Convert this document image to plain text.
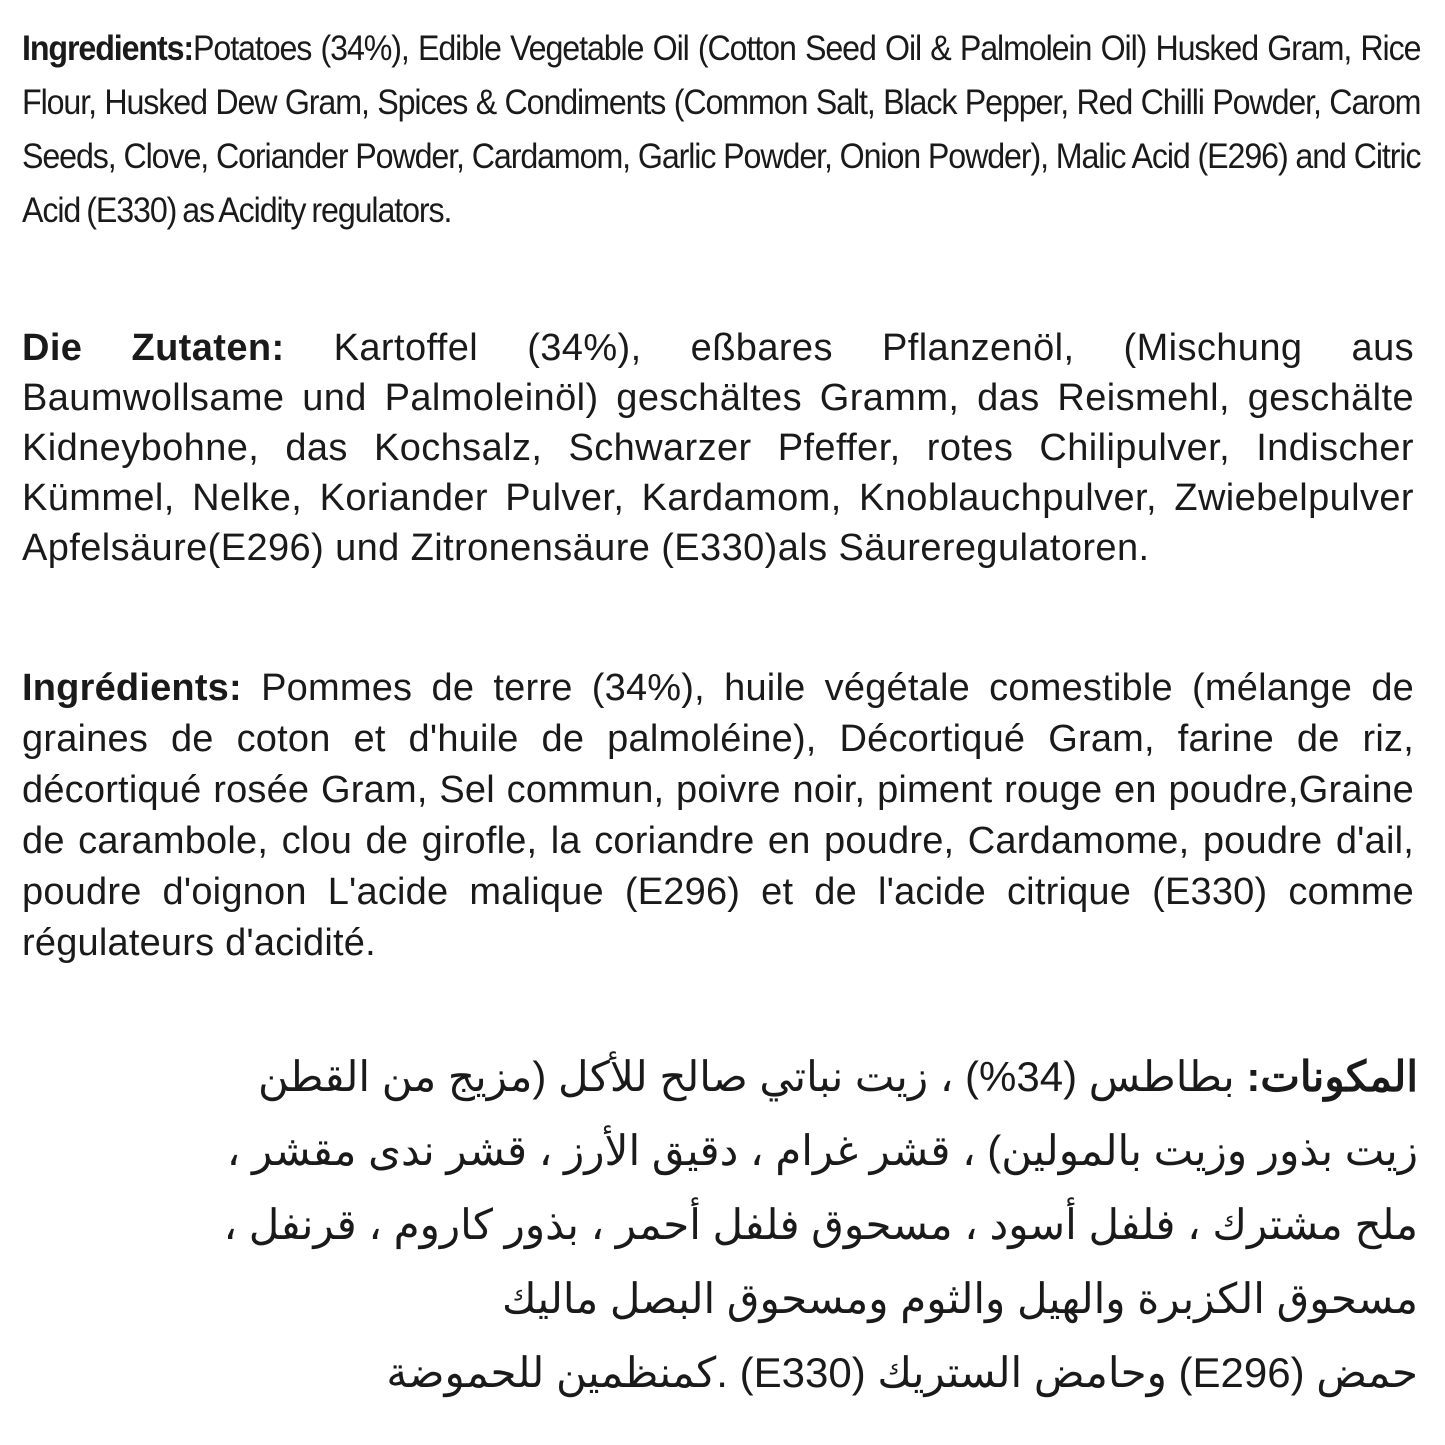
Ingredients:Potatoes (34%), Edible Vegetable Oil (Cotton Seed Oil & Palmolein Oil) Husked Gram, Rice Flour, Husked Dew Gram, Spices & Condiments (Common Salt, Black Pepper, Red Chilli Powder, Carom Seeds, Clove, Coriander Powder, Cardamom, Garlic Powder, Onion Powder), Malic Acid (E296) and Citric Acid (E330) as Acidity regulators.

Die Zutaten: Kartoffel (34%), eßbares Pflanzenöl, (Mischung aus Baumwollsame und Palmoleinöl) geschältes Gramm, das Reismehl, geschälte Kidneybohne, das Kochsalz, Schwarzer Pfeffer, rotes Chilipulver, Indischer Kümmel, Nelke, Koriander Pulver, Kardamom, Knoblauchpulver, Zwiebelpulver Apfelsäure(E296) und Zitronensäure (E330)als Säureregulatoren.

Ingrédients: Pommes de terre (34%), huile végétale comestible (mélange de graines de coton et d'huile de palmoléine), Décortiqué Gram, farine de riz, décortiqué rosée Gram, Sel commun, poivre noir, piment rouge en poudre,Graine de carambole, clou de girofle, la coriandre en poudre, Cardamome, poudre d'ail, poudre d'oignon L'acide malique (E296) et de l'acide citrique (E330) comme régulateurs d'acidité.

المكونات: بطاطس (34%) ، زيت نباتي صالح للأكل (مزيج من القطن
زيت بذور وزيت بالمولين) ، قشر غرام ، دقيق الأرز ، قشر ندى مقشر ،
ملح مشترك ، فلفل أسود ، مسحوق فلفل أحمر ، بذور كاروم ، قرنفل ،
مسحوق الكزبرة والهيل والثوم ومسحوق البصل ماليك
حمض (E296) وحامض الستريك (E330) .كمنظمين للحموضة
